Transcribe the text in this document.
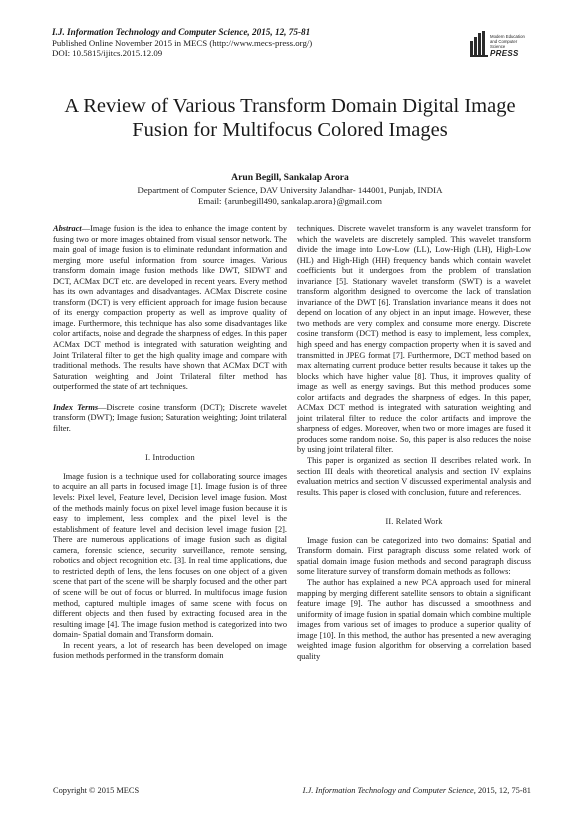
I.J. Information Technology and Computer Science, 2015, 12, 75-81
Published Online November 2015 in MECS (http://www.mecs-press.org/)
DOI: 10.5815/ijitcs.2015.12.09
Modern Education and Computer Science
PRESS
A Review of Various Transform Domain Digital Image Fusion for Multifocus Colored Images
Arun Begill, Sankalap Arora
Department of Computer Science, DAV University Jalandhar- 144001, Punjab, INDIA
Email: {arunbegill490, sankalap.arora}@gmail.com

Abstract—Image fusion is the idea to enhance the image content by fusing two or more images obtained from visual sensor network. The main goal of image fusion is to eliminate redundant information and merging more useful information from source images. Various transform domain image fusion methods like DWT, SIDWT and DCT, ACMax DCT etc. are developed in recent years. Every method has its own advantages and disadvantages. ACMax Discrete cosine transform (DCT) is very efficient approach for image fusion because of its energy compaction property as well as improve quality of image. Furthermore, this technique has also some disadvantages like color artifacts, noise and degrade the sharpness of edges. In this paper ACMax DCT method is integrated with saturation weighting and Joint Trilateral filter to get the high quality image and compare with traditional methods. The results have shown that ACMax DCT with Saturation weighting and Joint Trilateral filter method has outperformed the state of art techniques.

Index Terms—Discrete cosine transform (DCT); Discrete wavelet transform (DWT); Image fusion; Saturation weighting; Joint trilateral filter.

I. Introduction

Image fusion is a technique used for collaborating source images to acquire an all parts in focused image [1]. Image fusion is of three levels: Pixel level, Feature level, Decision level image fusion. Most of the methods mainly focus on pixel level image fusion because it is easy to implement, less complex and the pixel level is the establishment of feature level and decision level image fusion [2]. There are numerous applications of image fusion such as digital camera, forensic science, security surveillance, remote sensing, robotics and object recognition etc. [3]. In real time applications, due to restricted depth of lens, the lens focuses on one object of a given scene that part of the scene will be sharply focused and the other part of scene will be out of focus or blurred. In multifocus image fusion method, captured multiple images of same scene with focus on different objects and then fused by extracting focused area in the resulting image [4]. The image fusion method is categorized into two domain- Spatial domain and Transform domain.

In recent years, a lot of research has been developed on image fusion methods performed in the transform domain

techniques. Discrete wavelet transform is any wavelet transform for which the wavelets are discretely sampled. This wavelet transform divide the image into Low-Low (LL), Low-High (LH), High-Low (HL) and High-High (HH) frequency bands which contain wavelet coefficients but it undergoes from the problem of translation invariance [5]. Stationary wavelet transform (SWT) is a wavelet transform algorithm designed to overcome the lack of translation invariance of the DWT [6]. Translation invariance means it does not depend on location of any object in an input image. However, these two methods are very complex and consume more energy. Discrete cosine transform (DCT) method is easy to implement, less complex, high speed and has energy compaction property when it is saved and transmitted in JPEG format [7]. Furthermore, DCT method based on max alternating current produce better results because it takes up the blocks which have higher value [8]. Thus, it improves quality of image as well as energy savings. But this method produces some color artifacts and degrades the sharpness of edges. In this paper, ACMax DCT method is integrated with saturation weighting and joint trilateral filter to reduce the color artifacts and improve the sharpness of edges. Moreover, when two or more images are fused it produces some random noise. So, this paper is also reduces the noise by using joint trilateral filter.

This paper is organized as section II describes related work. In section III deals with theoretical analysis and section IV explains evaluation metrics and section V discussed experimental analysis and results. This paper is closed with conclusion, future and references.

II. Related Work

Image fusion can be categorized into two domains: Spatial and Transform domain. First paragraph discuss some related work of spatial domain image fusion methods and second paragraph discuss some literature survey of transform domain methods as follows:

The author has explained a new PCA approach used for mineral mapping by merging different satellite sensors to obtain a significant feature image [9]. The author has discussed a smoothness and uniformity of image fusion in spatial domain which combine multiple images from various set of images to produce a superior quality of image [10]. In this method, the author has presented a new averaging weighted image fusion algorithm for observing a correlation based quality

Copyright © 2015 MECS	I.J. Information Technology and Computer Science, 2015, 12, 75-81
